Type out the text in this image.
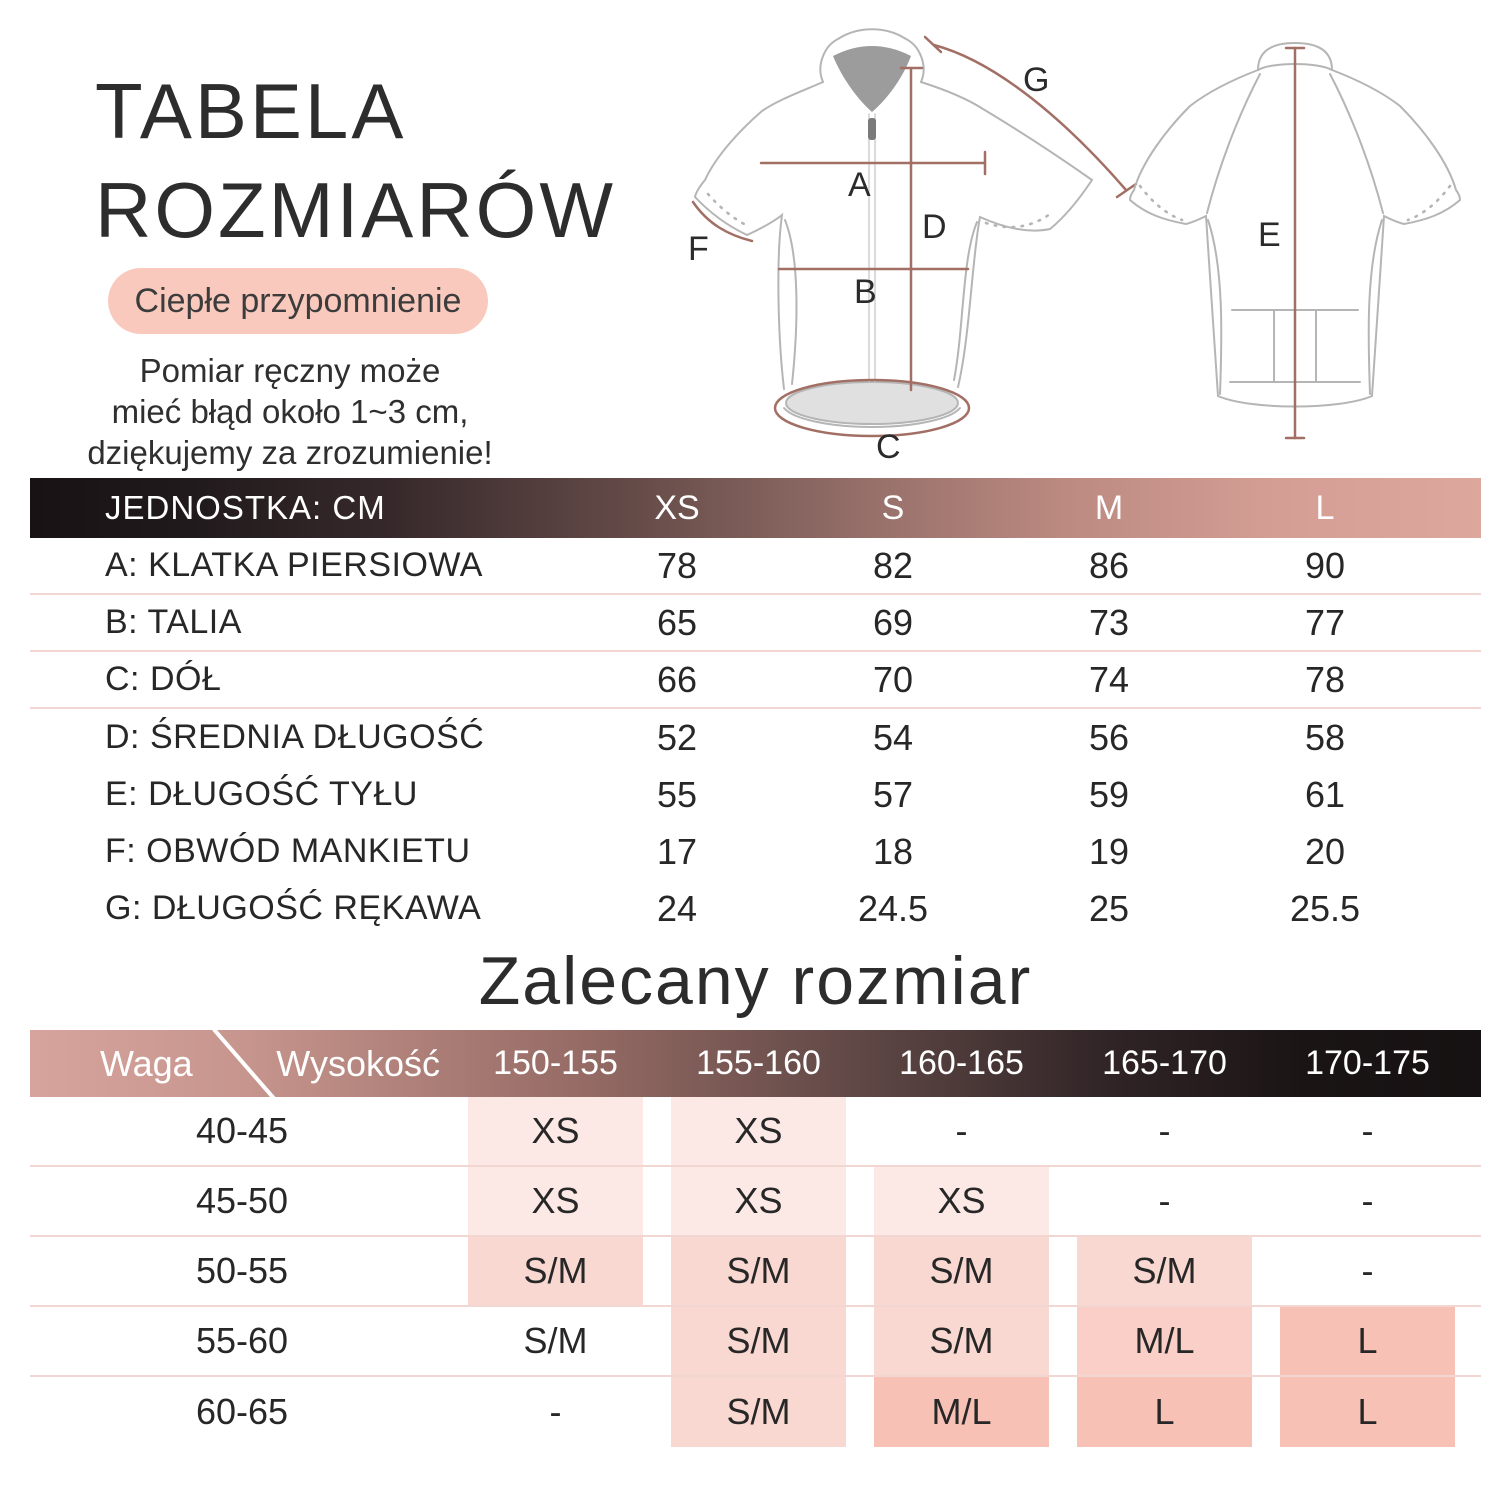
TABELA
ROZMIARÓW
Ciepłe przypomnienie
Pomiar ręczny może
mieć błąd około 1~3 cm,
dziękujemy za zrozumienie!
A
B
C
D
F
G
E
JEDNOSTKA: CM	XS	S	M	L
A: KLATKA PIERSIOWA	78	82	86	90
B: TALIA	65	69	73	77
C: DÓŁ	66	70	74	78
D: ŚREDNIA DŁUGOŚĆ	52	54	56	58
E: DŁUGOŚĆ TYŁU	55	57	59	61
F: OBWÓD MANKIETU	17	18	19	20
G: DŁUGOŚĆ RĘKAWA	24	24.5	25	25.5
Zalecany rozmiar
Waga Wysokość	150-155	155-160	160-165	165-170	170-175
40-45	XS	XS	-	-	-
45-50	XS	XS	XS	-	-
50-55	S/M	S/M	S/M	S/M	-
55-60	S/M	S/M	S/M	M/L	L
60-65	-	S/M	M/L	L	L
